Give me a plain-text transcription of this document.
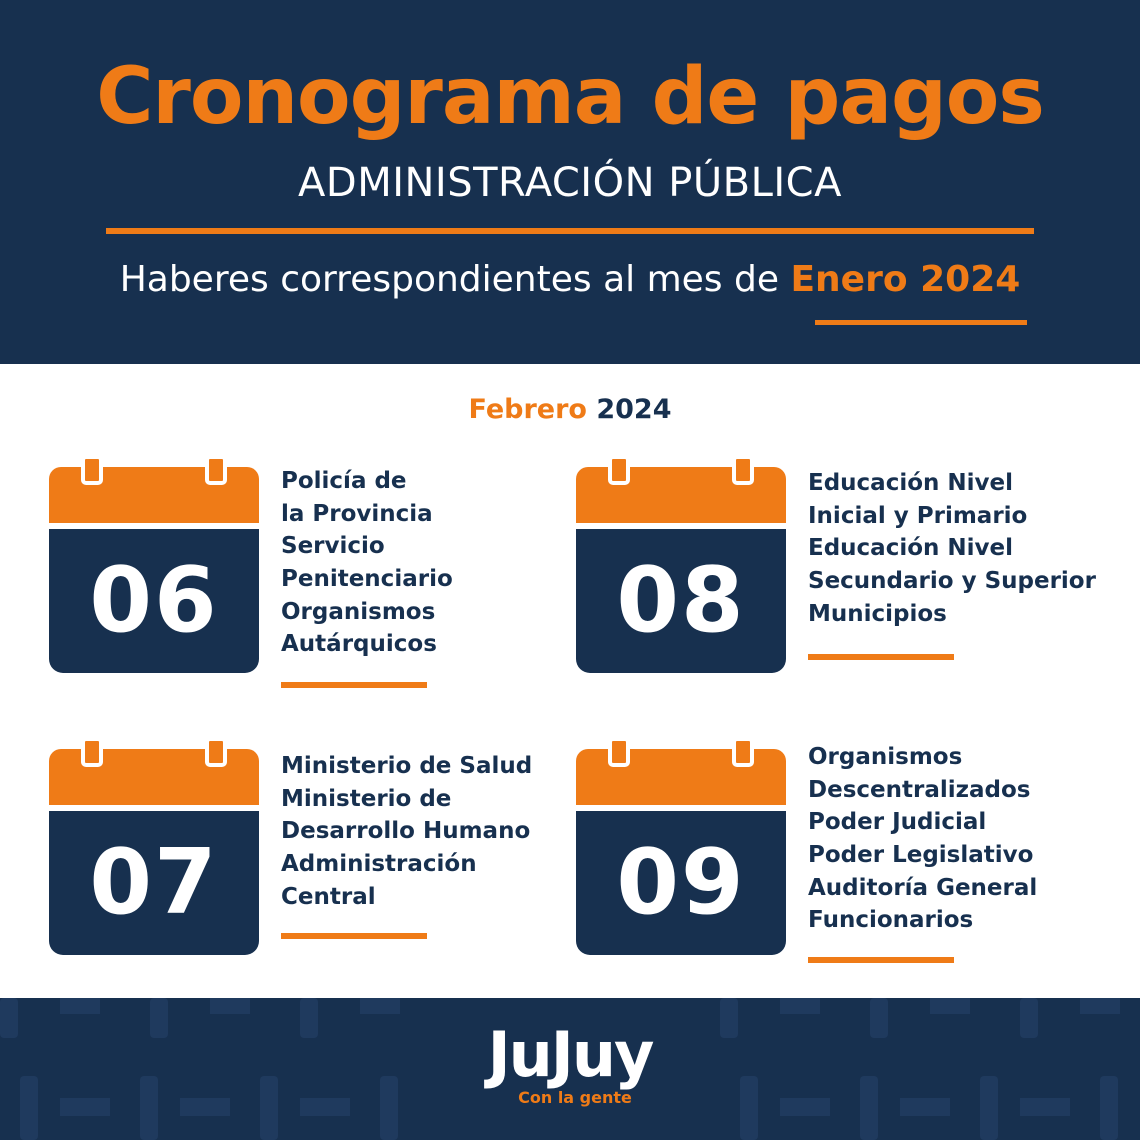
Cronograma de pagos
ADMINISTRACIÓN PÚBLICA
Haberes correspondientes al mes de Enero 2024
Febrero 2024
06
Policía de
la Provincia
Servicio
Penitenciario
Organismos
Autárquicos	08
Educación Nivel
Inicial y Primario
Educación Nivel
Secundario y Superior
Municipios
07
Ministerio de Salud
Ministerio de
Desarrollo Humano
Administración
Central	09
Organismos
Descentralizados
Poder Judicial
Poder Legislativo
Auditoría General
Funcionarios
JuJuy
Con la gente
